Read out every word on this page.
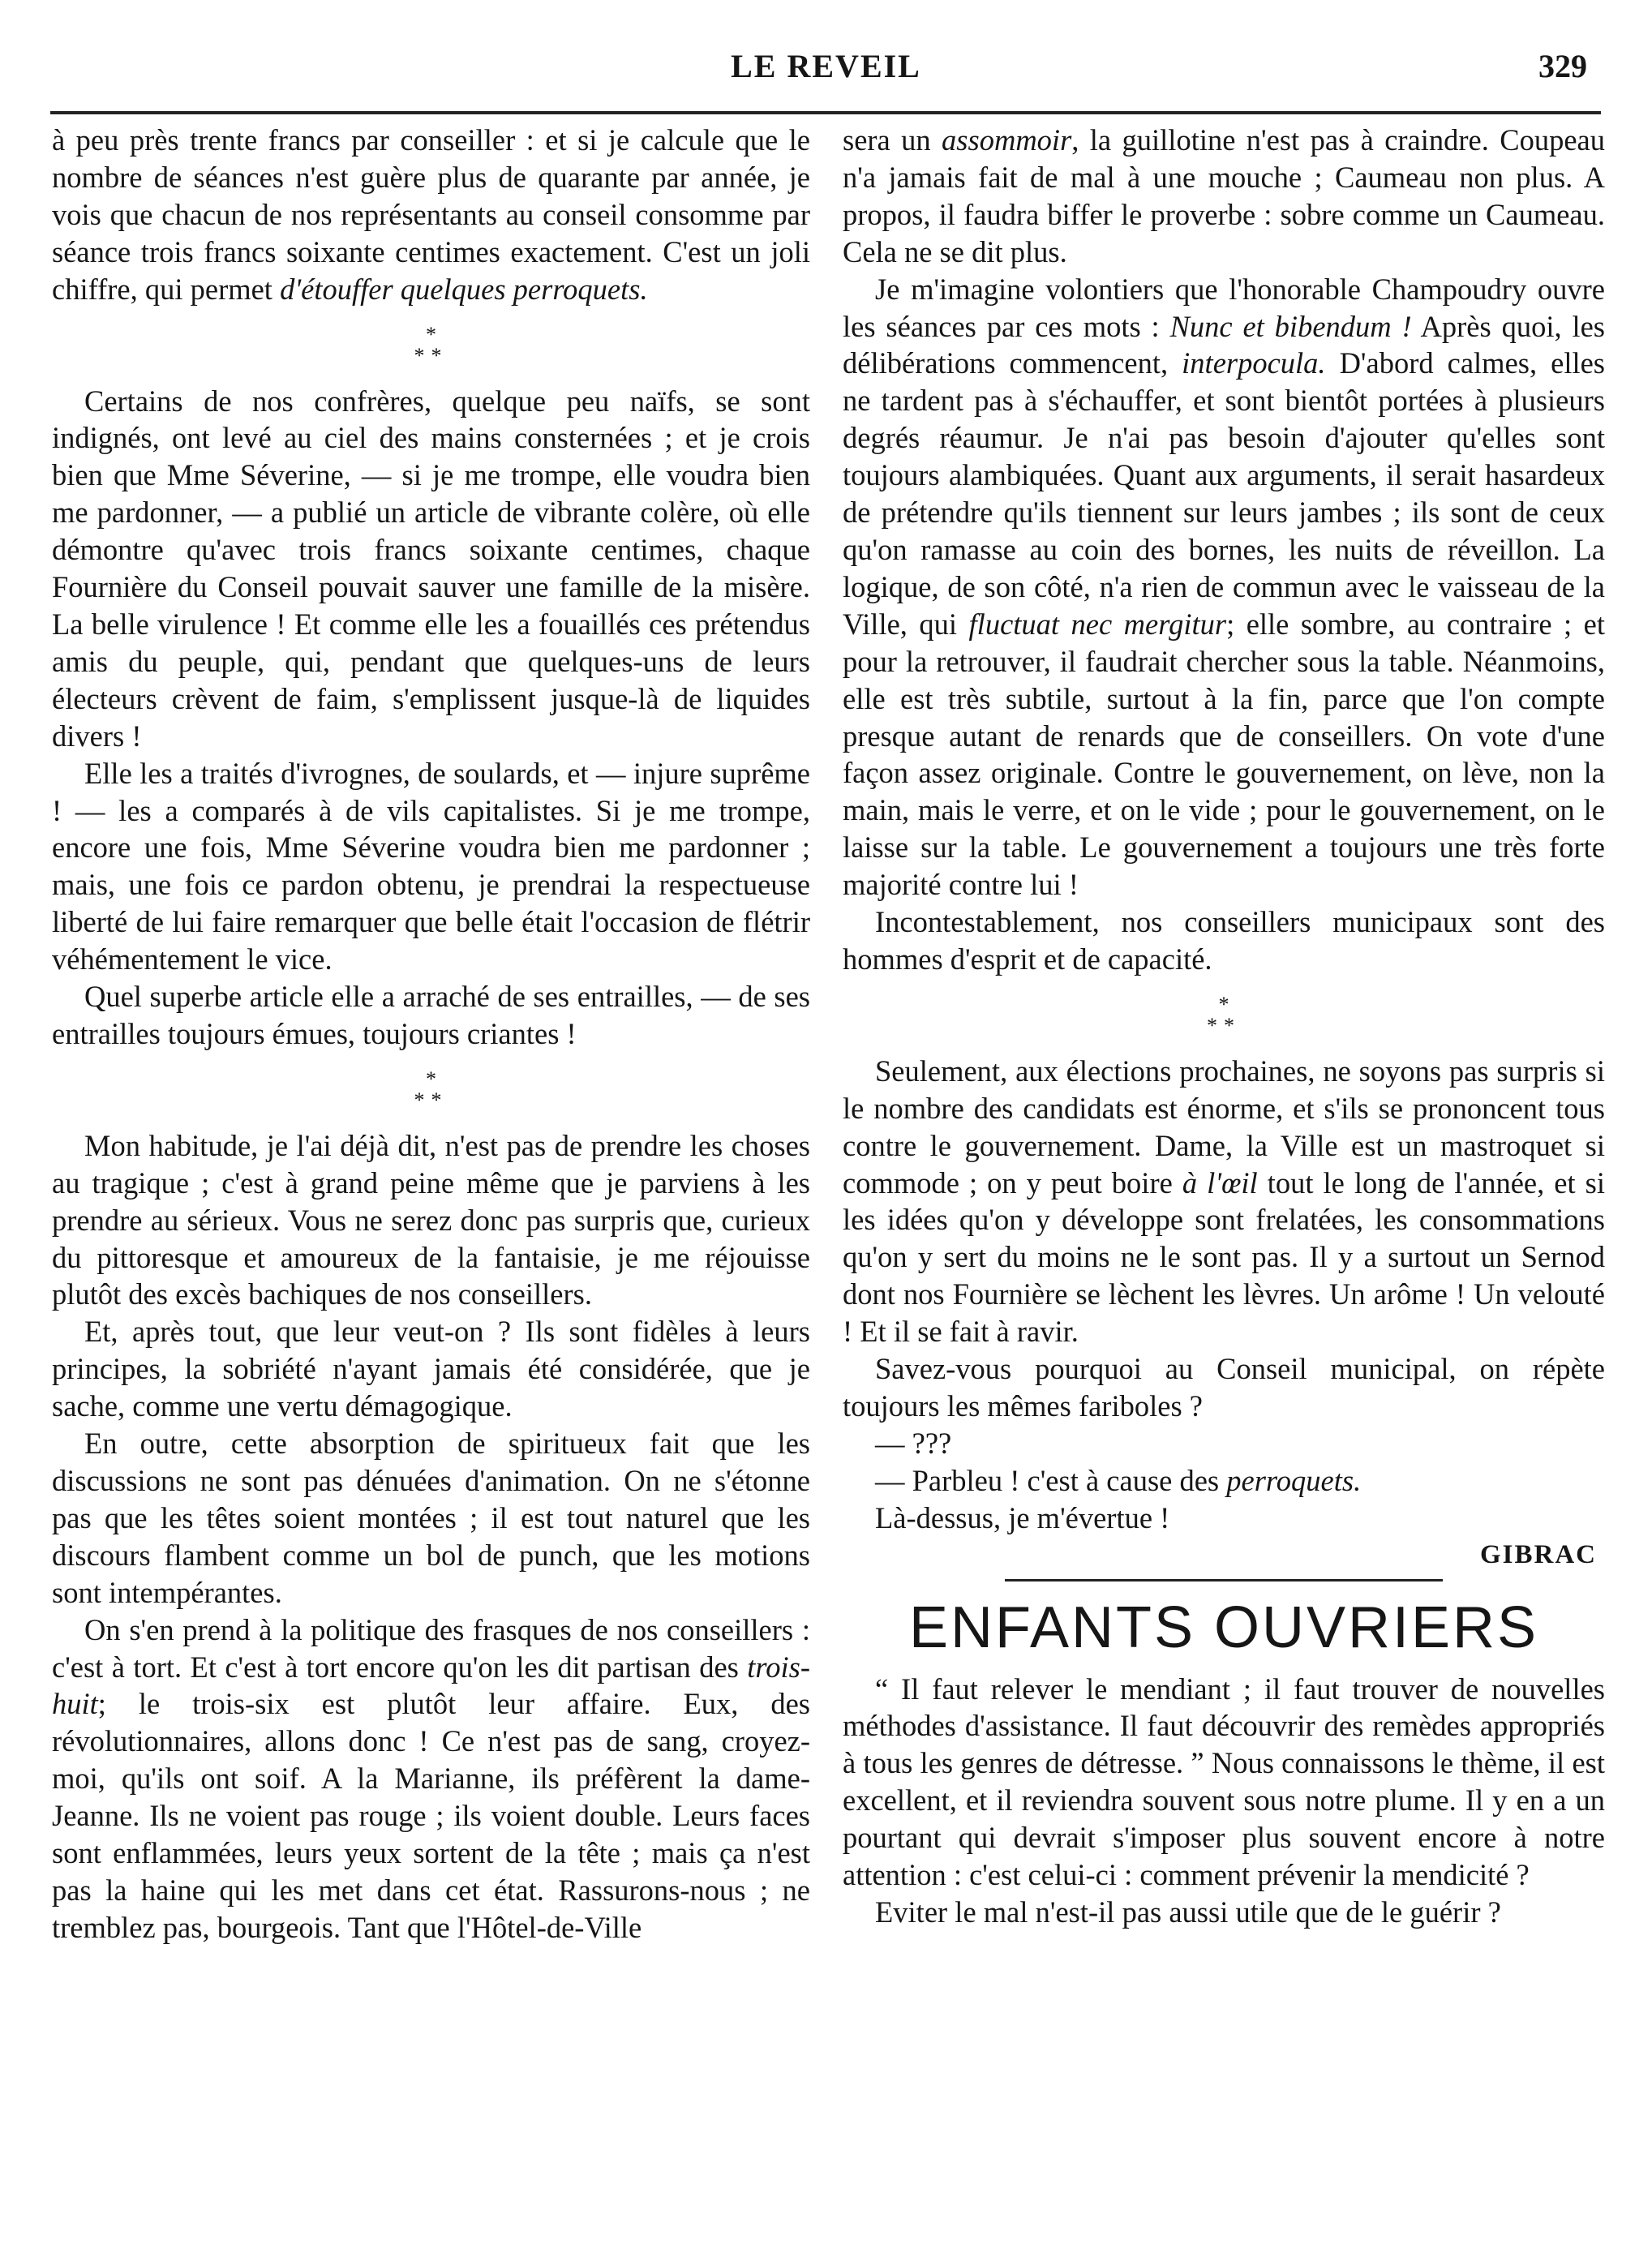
LE REVEIL	329

à peu près trente francs par conseiller : et si je calcule que le nombre de séances n'est guère plus de quarante par année, je vois que chacun de nos représentants au conseil consomme par séance trois francs soixante centimes exactement. C'est un joli chiffre, qui permet d'étouffer quelques perroquets.

*
**

Certains de nos confrères, quelque peu naïfs, se sont indignés, ont levé au ciel des mains consternées ; et je crois bien que Mme Séverine, — si je me trompe, elle voudra bien me pardonner, — a publié un article de vibrante colère, où elle démontre qu'avec trois francs soixante centimes, chaque Fournière du Conseil pouvait sauver une famille de la misère. La belle virulence ! Et comme elle les a fouaillés ces prétendus amis du peuple, qui, pendant que quelques-uns de leurs électeurs crèvent de faim, s'emplissent jusque-là de liquides divers !

Elle les a traités d'ivrognes, de soulards, et — injure suprême ! — les a comparés à de vils capitalistes. Si je me trompe, encore une fois, Mme Séverine voudra bien me pardonner ; mais, une fois ce pardon obtenu, je prendrai la respectueuse liberté de lui faire remarquer que belle était l'occasion de flétrir véhémentement le vice.

Quel superbe article elle a arraché de ses entrailles, — de ses entrailles toujours émues, toujours criantes !

*
**

Mon habitude, je l'ai déjà dit, n'est pas de prendre les choses au tragique ; c'est à grand peine même que je parviens à les prendre au sérieux. Vous ne serez donc pas surpris que, curieux du pittoresque et amoureux de la fantaisie, je me réjouisse plutôt des excès bachiques de nos conseillers.

Et, après tout, que leur veut-on ? Ils sont fidèles à leurs principes, la sobriété n'ayant jamais été considérée, que je sache, comme une vertu démagogique.

En outre, cette absorption de spiritueux fait que les discussions ne sont pas dénuées d'animation. On ne s'étonne pas que les têtes soient montées ; il est tout naturel que les discours flambent comme un bol de punch, que les motions sont intempérantes.

On s'en prend à la politique des frasques de nos conseillers : c'est à tort. Et c'est à tort encore qu'on les dit partisan des trois-huit; le trois-six est plutôt leur affaire. Eux, des révolutionnaires, allons donc ! Ce n'est pas de sang, croyez-moi, qu'ils ont soif. A la Marianne, ils préfèrent la dame-Jeanne. Ils ne voient pas rouge ; ils voient double. Leurs faces sont enflammées, leurs yeux sortent de la tête ; mais ça n'est pas la haine qui les met dans cet état. Rassurons-nous ; ne tremblez pas, bourgeois. Tant que l'Hôtel-de-Ville

sera un assommoir, la guillotine n'est pas à craindre. Coupeau n'a jamais fait de mal à une mouche ; Caumeau non plus. A propos, il faudra biffer le proverbe : sobre comme un Caumeau. Cela ne se dit plus.

Je m'imagine volontiers que l'honorable Champoudry ouvre les séances par ces mots : Nunc et bibendum ! Après quoi, les délibérations commencent, interpocula. D'abord calmes, elles ne tardent pas à s'échauffer, et sont bientôt portées à plusieurs degrés réaumur. Je n'ai pas besoin d'ajouter qu'elles sont toujours alambiquées. Quant aux arguments, il serait hasardeux de prétendre qu'ils tiennent sur leurs jambes ; ils sont de ceux qu'on ramasse au coin des bornes, les nuits de réveillon. La logique, de son côté, n'a rien de commun avec le vaisseau de la Ville, qui fluctuat nec mergitur; elle sombre, au contraire ; et pour la retrouver, il faudrait chercher sous la table. Néanmoins, elle est très subtile, surtout à la fin, parce que l'on compte presque autant de renards que de conseillers. On vote d'une façon assez originale. Contre le gouvernement, on lève, non la main, mais le verre, et on le vide ; pour le gouvernement, on le laisse sur la table. Le gouvernement a toujours une très forte majorité contre lui !

Incontestablement, nos conseillers municipaux sont des hommes d'esprit et de capacité.

*
**

Seulement, aux élections prochaines, ne soyons pas surpris si le nombre des candidats est énorme, et s'ils se prononcent tous contre le gouvernement. Dame, la Ville est un mastroquet si commode ; on y peut boire à l'œil tout le long de l'année, et si les idées qu'on y développe sont frelatées, les consommations qu'on y sert du moins ne le sont pas. Il y a surtout un Sernod dont nos Fournière se lèchent les lèvres. Un arôme ! Un velouté ! Et il se fait à ravir.

Savez-vous pourquoi au Conseil municipal, on répète toujours les mêmes fariboles ?

— ???

— Parbleu ! c'est à cause des perroquets.

Là-dessus, je m'évertue !

GIBRAC
ENFANTS OUVRIERS

“ Il faut relever le mendiant ; il faut trouver de nouvelles méthodes d'assistance. Il faut découvrir des remèdes appropriés à tous les genres de détresse. ” Nous connaissons le thème, il est excellent, et il reviendra souvent sous notre plume. Il y en a un pourtant qui devrait s'imposer plus souvent encore à notre attention : c'est celui-ci : comment prévenir la mendicité ?

Eviter le mal n'est-il pas aussi utile que de le guérir ?
